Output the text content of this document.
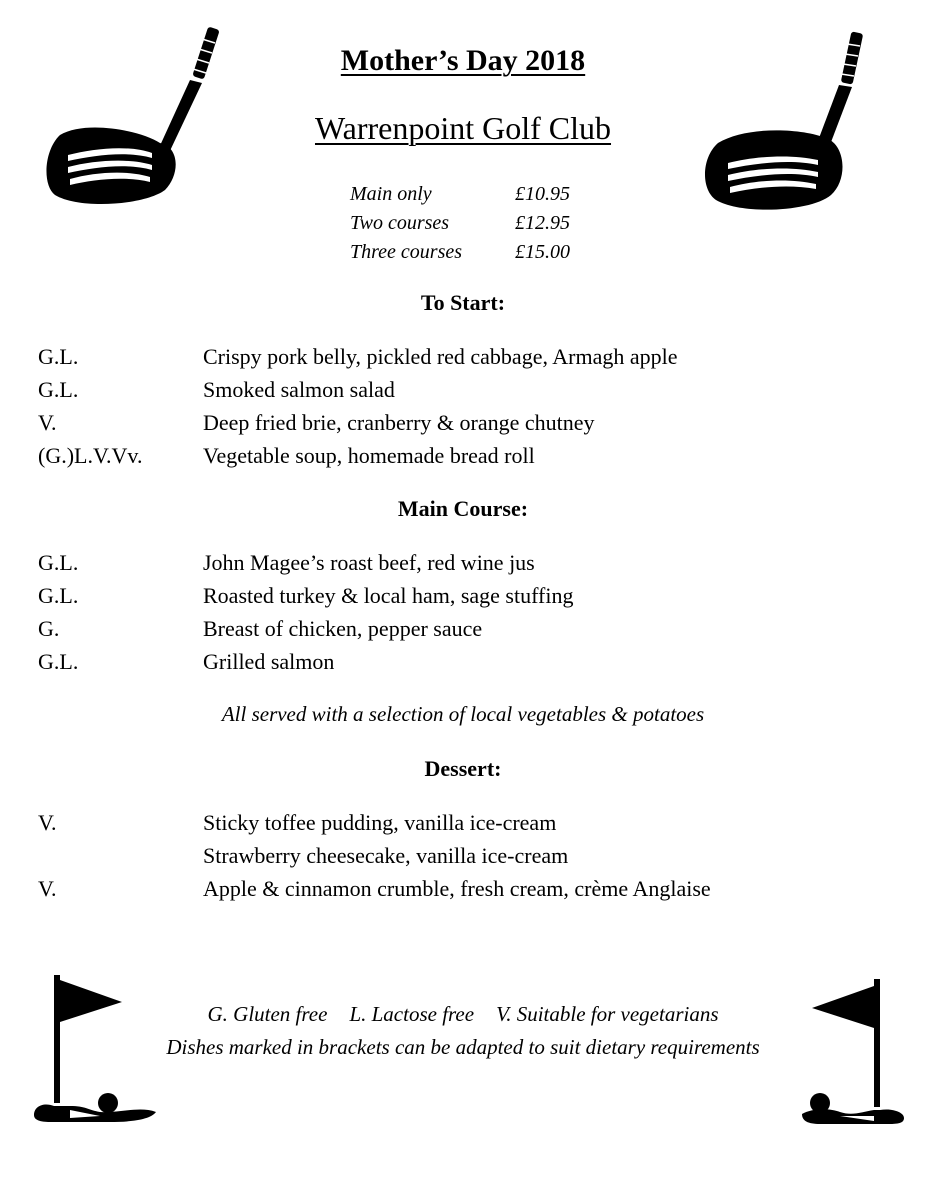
Mother’s Day 2018
Warrenpoint Golf Club
Main only	£10.95
Two courses	£12.95
Three courses	£15.00
To Start:
G.L.	Crispy pork belly, pickled red cabbage, Armagh apple
G.L.	Smoked salmon salad
V.	Deep fried brie, cranberry & orange chutney
(G.)L.V.Vv.	Vegetable soup, homemade bread roll
Main Course:
G.L.	John Magee’s roast beef, red wine jus
G.L.	Roasted turkey & local ham, sage stuffing
G.	Breast of chicken, pepper sauce
G.L.	Grilled salmon
All served with a selection of local vegetables & potatoes
Dessert:
V.	Sticky toffee pudding, vanilla ice-cream
Strawberry cheesecake, vanilla ice-cream
V.	Apple & cinnamon crumble, fresh cream, crème Anglaise
G. Gluten free L. Lactose free V. Suitable for vegetarians
Dishes marked in brackets can be adapted to suit dietary requirements
